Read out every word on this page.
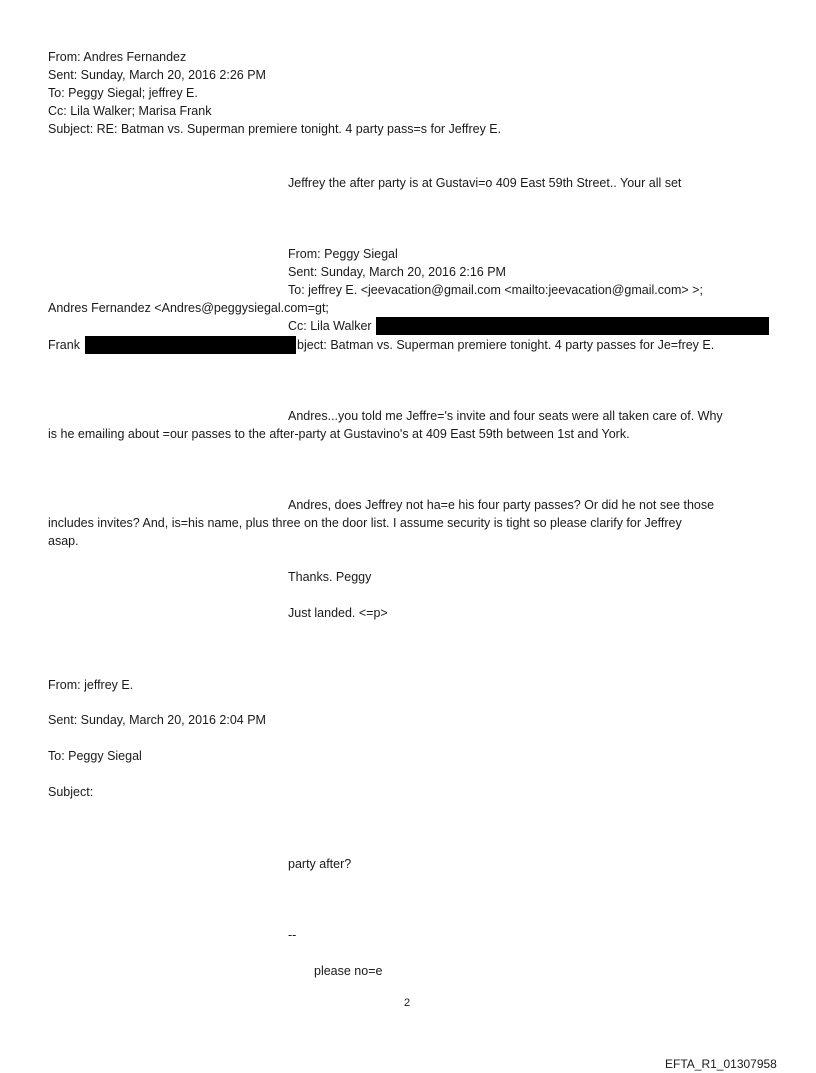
From: Andres Fernandez
Sent: Sunday, March 20, 2016 2:26 PM
To: Peggy Siegal; jeffrey E.
Cc: Lila Walker; Marisa Frank
Subject: RE: Batman vs. Superman premiere tonight. 4 party pass=s for Jeffrey E.
Jeffrey the after party is at Gustavi=o 409 East 59th Street.. Your all set
From: Peggy Siegal
Sent: Sunday, March 20, 2016 2:16 PM
To: jeffrey E. <jeevacation@gmail.com <mailto:jeevacation@gmail.com> >;
Andres Fernandez <Andres@peggysiegal.com=gt;
Cc: Lila Walker
Frank	bject: Batman vs. Superman premiere tonight. 4 party passes for Je=frey E.
Andres...you told me Jeffre='s invite and four seats were all taken care of. Why
is he emailing about =our passes to the after-party at Gustavino's at 409 East 59th between 1st and York.
Andres, does Jeffrey not ha=e his four party passes? Or did he not see those
includes invites? And, is=his name, plus three on the door list. I assume security is tight so please clarify for Jeffrey
asap.
Thanks. Peggy
Just landed. <=p>
From: jeffrey E.
Sent: Sunday, March 20, 2016 2:04 PM
To: Peggy Siegal
Subject:
party after?
--
please no=e
2
EFTA_R1_01307958
